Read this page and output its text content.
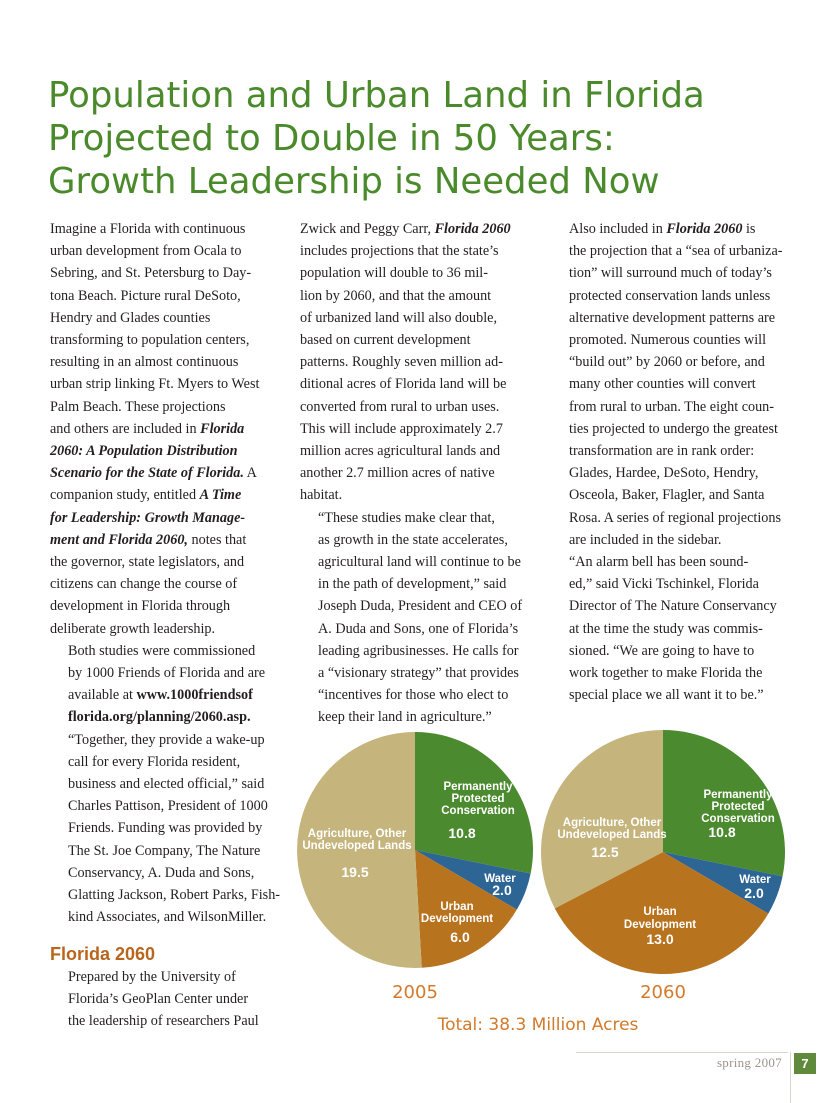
Population and Urban Land in Florida
Projected to Double in 50 Years:
Growth Leadership is Needed Now

Imagine a Florida with continuous
urban development from Ocala to
Sebring, and St. Petersburg to Day-
tona Beach. Picture rural DeSoto,
Hendry and Glades counties
transforming to population centers,
resulting in an almost continuous
urban strip linking Ft. Myers to West
Palm Beach. These projections
and others are included in Florida
2060: A Population Distribution
Scenario for the State of Florida. A
companion study, entitled A Time
for Leadership: Growth Manage-
ment and Florida 2060, notes that
the governor, state legislators, and
citizens can change the course of
development in Florida through
deliberate growth leadership.

Both studies were commissioned
by 1000 Friends of Florida and are
available at www.1000friendsof
florida.org/planning/2060.asp.
“Together, they provide a wake-up
call for every Florida resident,
business and elected official,” said
Charles Pattison, President of 1000
Friends. Funding was provided by
The St. Joe Company, The Nature
Conservancy, A. Duda and Sons,
Glatting Jackson, Robert Parks, Fish-
kind Associates, and WilsonMiller.

Florida 2060

Prepared by the University of
Florida’s GeoPlan Center under
the leadership of researchers Paul

Zwick and Peggy Carr, Florida 2060
includes projections that the state’s
population will double to 36 mil-
lion by 2060, and that the amount
of urbanized land will also double,
based on current development
patterns. Roughly seven million ad-
ditional acres of Florida land will be
converted from rural to urban uses.
This will include approximately 2.7
million acres agricultural lands and
another 2.7 million acres of native
habitat.

“These studies make clear that,
as growth in the state accelerates,
agricultural land will continue to be
in the path of development,” said
Joseph Duda, President and CEO of
A. Duda and Sons, one of Florida’s
leading agribusinesses. He calls for
a “visionary strategy” that provides
“incentives for those who elect to
keep their land in agriculture.”

Also included in Florida 2060 is
the projection that a “sea of urbaniza-
tion” will surround much of today’s
protected conservation lands unless
alternative development patterns are
promoted. Numerous counties will
“build out” by 2060 or before, and
many other counties will convert
from rural to urban. The eight coun-
ties projected to undergo the greatest
transformation are in rank order:
Glades, Hardee, DeSoto, Hendry,
Osceola, Baker, Flagler, and Santa
Rosa. A series of regional projections
are included in the sidebar.

“An alarm bell has been sound-
ed,” said Vicki Tschinkel, Florida
Director of The Nature Conservancy
at the time the study was commis-
sioned. “We are going to have to
work together to make Florida the
special place we all want it to be.”

Permanently
Protected
Conservation
10.8
Water
2.0
Urban
Development
6.0
Agriculture, Other
Undeveloped Lands
19.5
Permanently
Protected
Conservation
10.8
Water
2.0
Urban
Development
13.0
Agriculture, Other
Undeveloped Lands
12.5
2005	2060
Total: 38.3 Million Acres
spring 2007	7
